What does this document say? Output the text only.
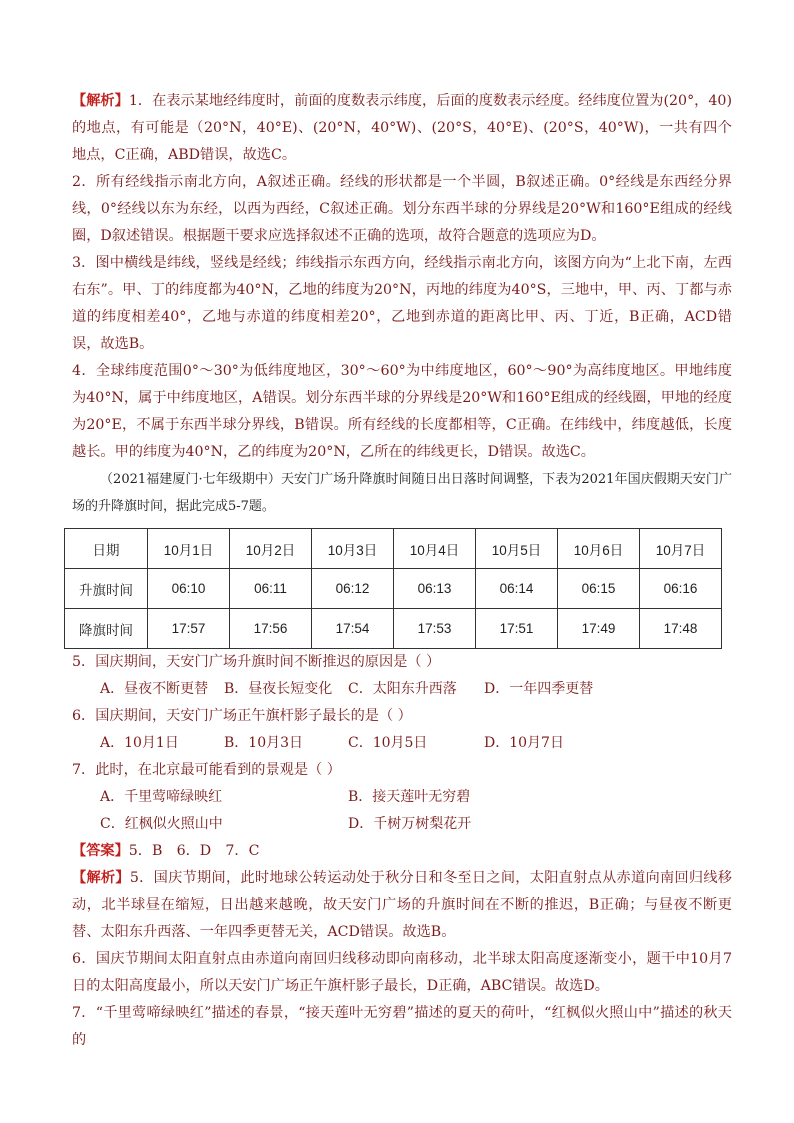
【解析】1．在表示某地经纬度时，前面的度数表示纬度，后面的度数表示经度。经纬度位置为(20°，40)的地点，有可能是（20°N，40°E)、(20°N，40°W)、(20°S，40°E)、(20°S，40°W)，一共有四个地点，C正确，ABD错误，故选C。

2．所有经线指示南北方向，A叙述正确。经线的形状都是一个半圆，B叙述正确。0°经线是东西经分界线，0°经线以东为东经，以西为西经，C叙述正确。划分东西半球的分界线是20°W和160°E组成的经线圈，D叙述错误。根据题干要求应选择叙述不正确的选项，故符合题意的选项应为D。

3．图中横线是纬线，竖线是经线；纬线指示东西方向，经线指示南北方向，该图方向为“上北下南，左西右东”。甲、丁的纬度都为40°N，乙地的纬度为20°N，丙地的纬度为40°S，三地中，甲、丙、丁都与赤道的纬度相差40°，乙地与赤道的纬度相差20°，乙地到赤道的距离比甲、丙、丁近，B正确，ACD错误，故选B。

4．全球纬度范围0°～30°为低纬度地区，30°～60°为中纬度地区，60°～90°为高纬度地区。甲地纬度为40°N，属于中纬度地区，A错误。划分东西半球的分界线是20°W和160°E组成的经线圈，甲地的经度为20°E，不属于东西半球分界线，B错误。所有经线的长度都相等，C正确。在纬线中，纬度越低，长度越长。甲的纬度为40°N，乙的纬度为20°N，乙所在的纬线更长，D错误。故选C。

（2021福建厦门·七年级期中）天安门广场升降旗时间随日出日落时间调整，下表为2021年国庆假期天安门广场的升降旗时间，据此完成5-7题。

日期	10月1日	10月2日	10月3日	10月4日	10月5日	10月6日	10月7日
升旗时间	06:10	06:11	06:12	06:13	06:14	06:15	06:16
降旗时间	17:57	17:56	17:54	17:53	17:51	17:49	17:48

5．国庆期间，天安门广场升旗时间不断推迟的原因是（ ）

A．昼夜不断更替	B．昼夜长短变化	C．太阳东升西落	D．一年四季更替

6．国庆期间，天安门广场正午旗杆影子最长的是（ ）

A．10月1日	B．10月3日	C．10月5日	D．10月7日

7．此时，在北京最可能看到的景观是（ ）

A．千里莺啼绿映红	B．接天莲叶无穷碧
C．红枫似火照山中	D．千树万树梨花开

【答案】5．B　6．D　7．C

【解析】5．国庆节期间，此时地球公转运动处于秋分日和冬至日之间，太阳直射点从赤道向南回归线移动，北半球昼在缩短，日出越来越晚，故天安门广场的升旗时间在不断的推迟，B正确；与昼夜不断更替、太阳东升西落、一年四季更替无关，ACD错误。故选B。

6．国庆节期间太阳直射点由赤道向南回归线移动即向南移动，北半球太阳高度逐渐变小，题干中10月7日的太阳高度最小，所以天安门广场正午旗杆影子最长，D正确，ABC错误。故选D。

7．“千里莺啼绿映红”描述的春景，“接天莲叶无穷碧”描述的夏天的荷叶，“红枫似火照山中”描述的秋天的
